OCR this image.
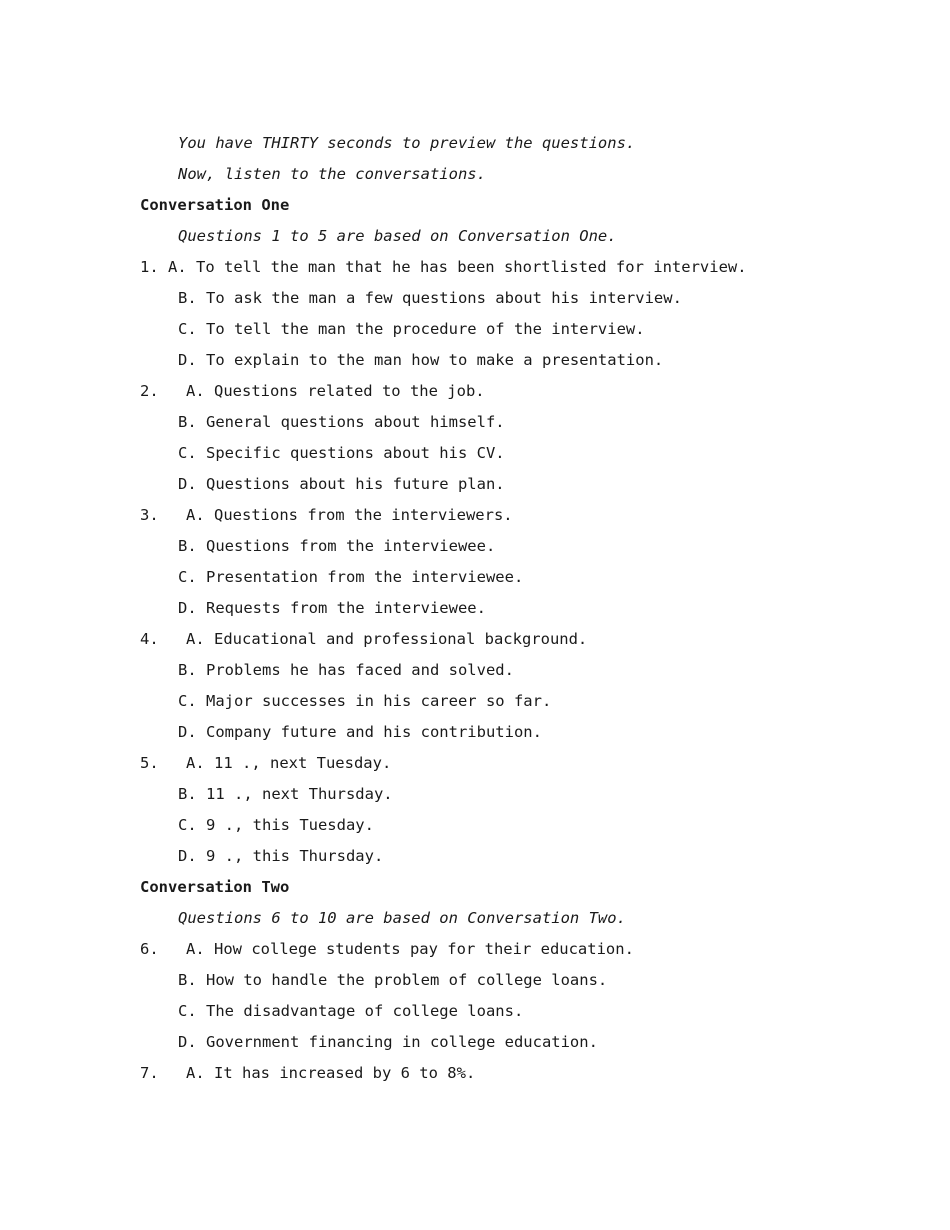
You have THIRTY seconds to preview the questions.
Now, listen to the conversations.
Conversation One
Questions 1 to 5 are based on Conversation One.
1. A. To tell the man that he has been shortlisted for interview.
B. To ask the man a few questions about his interview.
C. To tell the man the procedure of the interview.
D. To explain to the man how to make a presentation.
2. A. Questions related to the job.
B. General questions about himself.
C. Specific questions about his CV.
D. Questions about his future plan.
3. A. Questions from the interviewers.
B. Questions from the interviewee.
C. Presentation from the interviewee.
D. Requests from the interviewee.
4. A. Educational and professional background.
B. Problems he has faced and solved.
C. Major successes in his career so far.
D. Company future and his contribution.
5. A. 11 ., next Tuesday.
B. 11 ., next Thursday.
C. 9 ., this Tuesday.
D. 9 ., this Thursday.
Conversation Two
Questions 6 to 10 are based on Conversation Two.
6. A. How college students pay for their education.
B. How to handle the problem of college loans.
C. The disadvantage of college loans.
D. Government financing in college education.
7. A. It has increased by 6 to 8%.
